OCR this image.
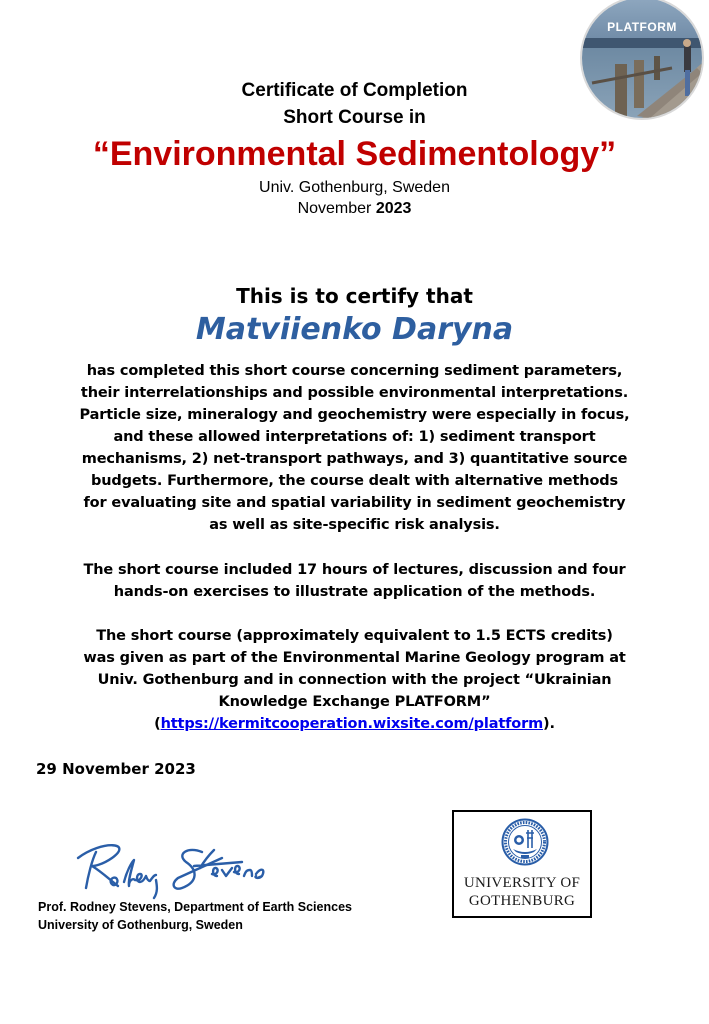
PLATFORM
Certificate of Completion
Short Course in
“Environmental Sedimentology”
Univ. Gothenburg, Sweden
November 2023
This is to certify that
Matviienko Daryna
has completed this short course concerning sediment parameters,
their interrelationships and possible environmental interpretations.
Particle size, mineralogy and geochemistry were especially in focus,
and these allowed interpretations of: 1) sediment transport
mechanisms, 2) net-transport pathways, and 3) quantitative source
budgets. Furthermore, the course dealt with alternative methods
for evaluating site and spatial variability in sediment geochemistry
as well as site-specific risk analysis.
The short course included 17 hours of lectures, discussion and four
hands-on exercises to illustrate application of the methods.
The short course (approximately equivalent to 1.5 ECTS credits)
was given as part of the Environmental Marine Geology program at
Univ. Gothenburg and in connection with the project “Ukrainian
Knowledge Exchange PLATFORM”
(https://kermitcooperation.wixsite.com/platform).
29 November 2023
Prof. Rodney Stevens, Department of Earth Sciences
University of Gothenburg, Sweden
UNIVERSITY OF
GOTHENBURG
